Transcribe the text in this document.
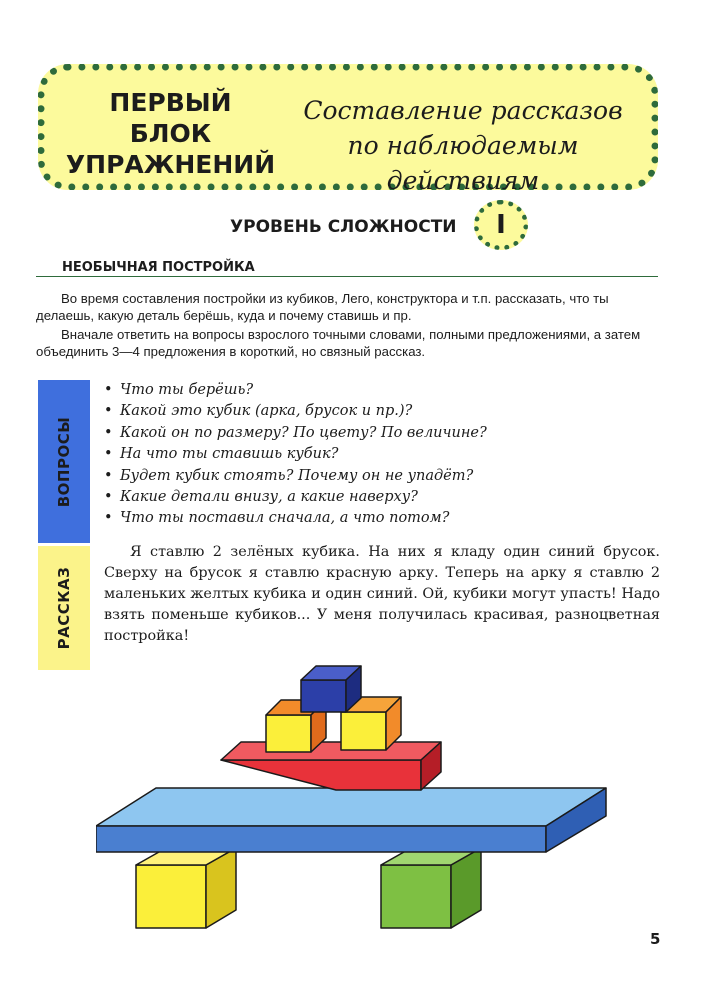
ПЕРВЫЙ
БЛОК
УПРАЖНЕНИЙ
Составление рассказов
по наблюдаемым действиям
УРОВЕНЬ СЛОЖНОСТИ	I
НЕОБЫЧНАЯ ПОСТРОЙКА

Во время составления постройки из кубиков, Лего, конструктора и т.п. рассказать, что ты делаешь, какую деталь берёшь, куда и почему ставишь и пр.

Вначале ответить на вопросы взрослого точными словами, полными предложениями, а затем объединить 3—4 предложения в короткий, но связный рассказ.

ВОПРОСЫ
РАССКАЗ
• Что ты берёшь?
• Какой это кубик (арка, брусок и пр.)?
• Какой он по размеру? По цвету? По величине?
• На что ты ставишь кубик?
• Будет кубик стоять? Почему он не упадёт?
• Какие детали внизу, а какие наверху?
• Что ты поставил сначала, а что потом?

Я ставлю 2 зелёных кубика. На них я кладу один синий брусок. Сверху на брусок я ставлю красную арку. Теперь на арку я ставлю 2 маленьких желтых кубика и один синий. Ой, кубики могут упасть! Надо взять поменьше кубиков... У меня получилась красивая, разноцветная постройка!

5
